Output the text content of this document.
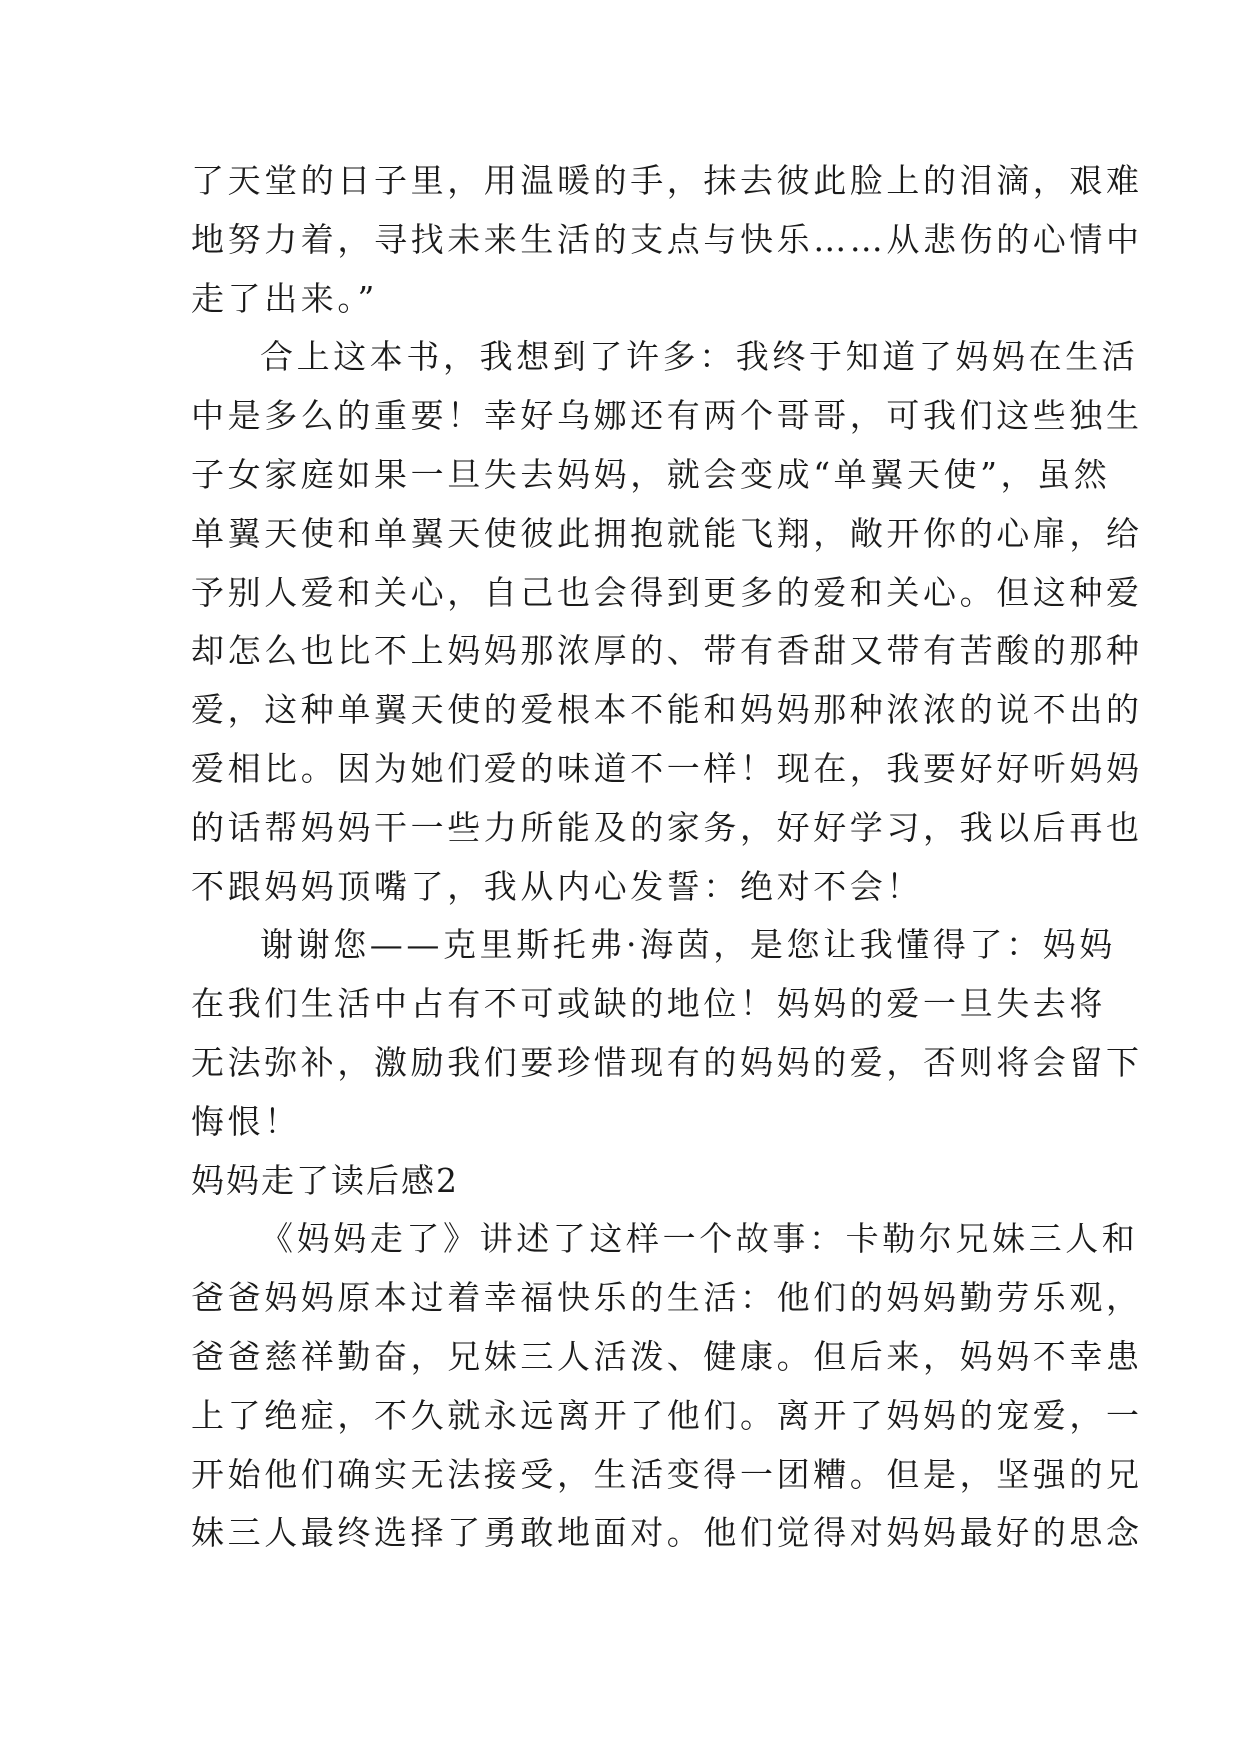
了天堂的日子里，用温暖的手，抹去彼此脸上的泪滴，艰难
地努力着，寻找未来生活的支点与快乐……从悲伤的心情中
走了出来。”
合上这本书，我想到了许多：我终于知道了妈妈在生活
中是多么的重要！幸好乌娜还有两个哥哥，可我们这些独生
子女家庭如果一旦失去妈妈，就会变成“单翼天使”，虽然
单翼天使和单翼天使彼此拥抱就能飞翔，敞开你的心扉，给
予别人爱和关心，自己也会得到更多的爱和关心。但这种爱
却怎么也比不上妈妈那浓厚的、带有香甜又带有苦酸的那种
爱，这种单翼天使的爱根本不能和妈妈那种浓浓的说不出的
爱相比。因为她们爱的味道不一样！现在，我要好好听妈妈
的话帮妈妈干一些力所能及的家务，好好学习，我以后再也
不跟妈妈顶嘴了，我从内心发誓：绝对不会！
谢谢您——克里斯托弗·海茵，是您让我懂得了：妈妈
在我们生活中占有不可或缺的地位！妈妈的爱一旦失去将
无法弥补，激励我们要珍惜现有的妈妈的爱，否则将会留下
悔恨！
妈妈走了读后感2
《妈妈走了》讲述了这样一个故事：卡勒尔兄妹三人和
爸爸妈妈原本过着幸福快乐的生活：他们的妈妈勤劳乐观，
爸爸慈祥勤奋，兄妹三人活泼、健康。但后来，妈妈不幸患
上了绝症，不久就永远离开了他们。离开了妈妈的宠爱，一
开始他们确实无法接受，生活变得一团糟。但是，坚强的兄
妹三人最终选择了勇敢地面对。他们觉得对妈妈最好的思念
